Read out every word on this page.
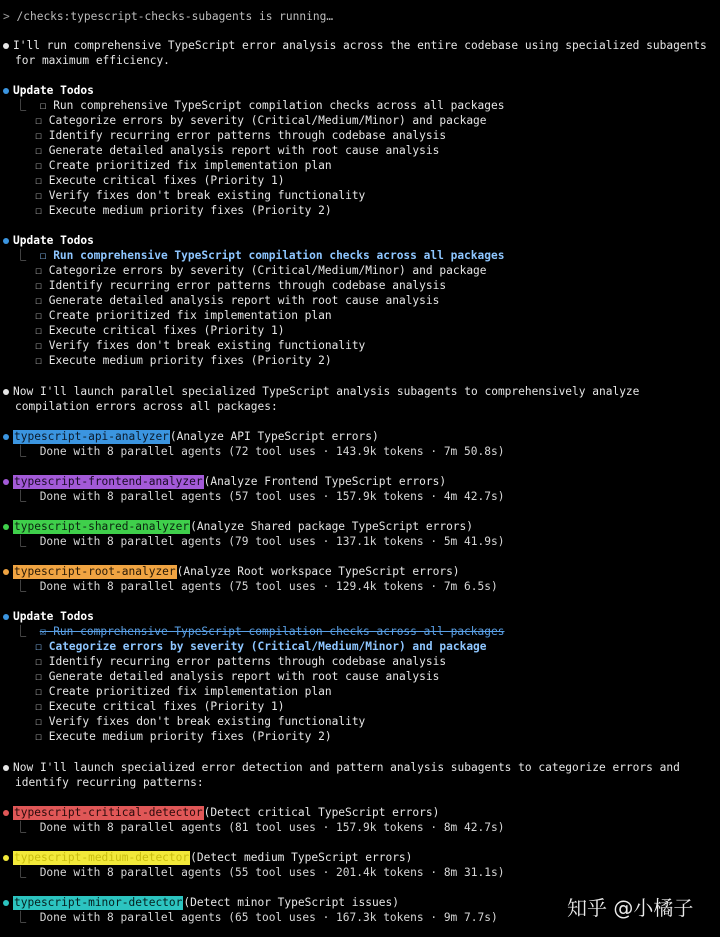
>
/checks:typescript-checks-subagents is running…
I'll run comprehensive TypeScript error analysis across the entire codebase using specialized subagents
for maximum efficiency.
Update Todos
⎿
☐
Run comprehensive TypeScript compilation checks across all packages

☐
Categorize errors by severity (Critical/Medium/Minor) and package

☐
Identify recurring error patterns through codebase analysis

☐
Generate detailed analysis report with root cause analysis

☐
Create prioritized fix implementation plan

☐
Execute critical fixes (Priority 1)

☐
Verify fixes don't break existing functionality

☐
Execute medium priority fixes (Priority 2)
Update Todos
⎿
☐ Run comprehensive TypeScript compilation checks across all packages

☐
Categorize errors by severity (Critical/Medium/Minor) and package

☐
Identify recurring error patterns through codebase analysis

☐
Generate detailed analysis report with root cause analysis

☐
Create prioritized fix implementation plan

☐
Execute critical fixes (Priority 1)

☐
Verify fixes don't break existing functionality

☐
Execute medium priority fixes (Priority 2)
Now I'll launch parallel specialized TypeScript analysis subagents to comprehensively analyze
compilation errors across all packages:
typescript-api-analyzer (Analyze API TypeScript errors)
⎿
Done with 8 parallel agents (72 tool uses · 143.9k tokens · 7m 50.8s)
typescript-frontend-analyzer (Analyze Frontend TypeScript errors)
⎿
Done with 8 parallel agents (57 tool uses · 157.9k tokens · 4m 42.7s)
typescript-shared-analyzer (Analyze Shared package TypeScript errors)
⎿
Done with 8 parallel agents (79 tool uses · 137.1k tokens · 5m 41.9s)
typescript-root-analyzer (Analyze Root workspace TypeScript errors)
⎿
Done with 8 parallel agents (75 tool uses · 129.4k tokens · 7m 6.5s)
Update Todos
⎿
☒ Run comprehensive TypeScript compilation checks across all packages

☐ Categorize errors by severity (Critical/Medium/Minor) and package

☐
Identify recurring error patterns through codebase analysis

☐
Generate detailed analysis report with root cause analysis

☐
Create prioritized fix implementation plan

☐
Execute critical fixes (Priority 1)

☐
Verify fixes don't break existing functionality

☐
Execute medium priority fixes (Priority 2)
Now I'll launch specialized error detection and pattern analysis subagents to categorize errors and
identify recurring patterns:
typescript-critical-detector (Detect critical TypeScript errors)
⎿
Done with 8 parallel agents (81 tool uses · 157.9k tokens · 8m 42.7s)
typescript-medium-detector (Detect medium TypeScript errors)
⎿
Done with 8 parallel agents (55 tool uses · 201.4k tokens · 8m 31.1s)
typescript-minor-detector (Detect minor TypeScript issues)
⎿
Done with 8 parallel agents (65 tool uses · 167.3k tokens · 9m 7.7s)	知乎 @小橘子
